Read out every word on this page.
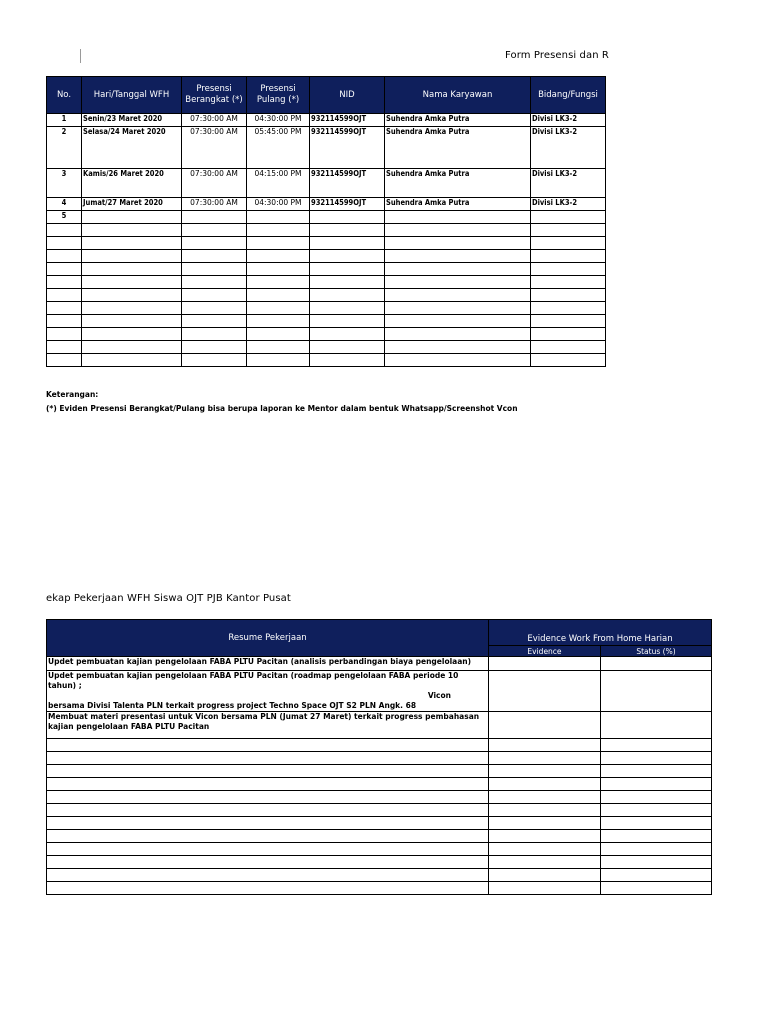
Form Presensi dan R
No.	Hari/Tanggal WFH	Presensi Berangkat (*)	Presensi Pulang (*)	NID	Nama Karyawan	Bidang/Fungsi
1	Senin/23 Maret 2020	07:30:00 AM	04:30:00 PM	932114599OJT	Suhendra Amka Putra	Divisi LK3-2
2	Selasa/24 Maret 2020	07:30:00 AM	05:45:00 PM	932114599OJT	Suhendra Amka Putra	Divisi LK3-2
3	Kamis/26 Maret 2020	07:30:00 AM	04:15:00 PM	932114599OJT	Suhendra Amka Putra	Divisi LK3-2
4	Jumat/27 Maret 2020	07:30:00 AM	04:30:00 PM	932114599OJT	Suhendra Amka Putra	Divisi LK3-2
5						

Keterangan:
(*) Eviden Presensi Berangkat/Pulang bisa berupa laporan ke Mentor dalam bentuk Whatsapp/Screenshot Vcon
ekap Pekerjaan WFH Siswa OJT PJB Kantor Pusat
Resume Pekerjaan	Evidence Work From Home Harian	
	Evidence	Status (%)
Updet pembuatan kajian pengelolaan FABA PLTU Pacitan (analisis perbandingan biaya pengelolaan)		

Updet pembuatan kajian pengelolaan FABA PLTU Pacitan (roadmap pengelolaan FABA periode 10 tahun) ;
Vicon
bersama Divisi Talenta PLN terkait progress project Techno Space OJT S2 PLN Angk. 68		

Membuat materi presentasi untuk Vicon bersama PLN (Jumat 27 Maret) terkait progress pembahasan
kajian pengelolaan FABA PLTU Pacitan		
